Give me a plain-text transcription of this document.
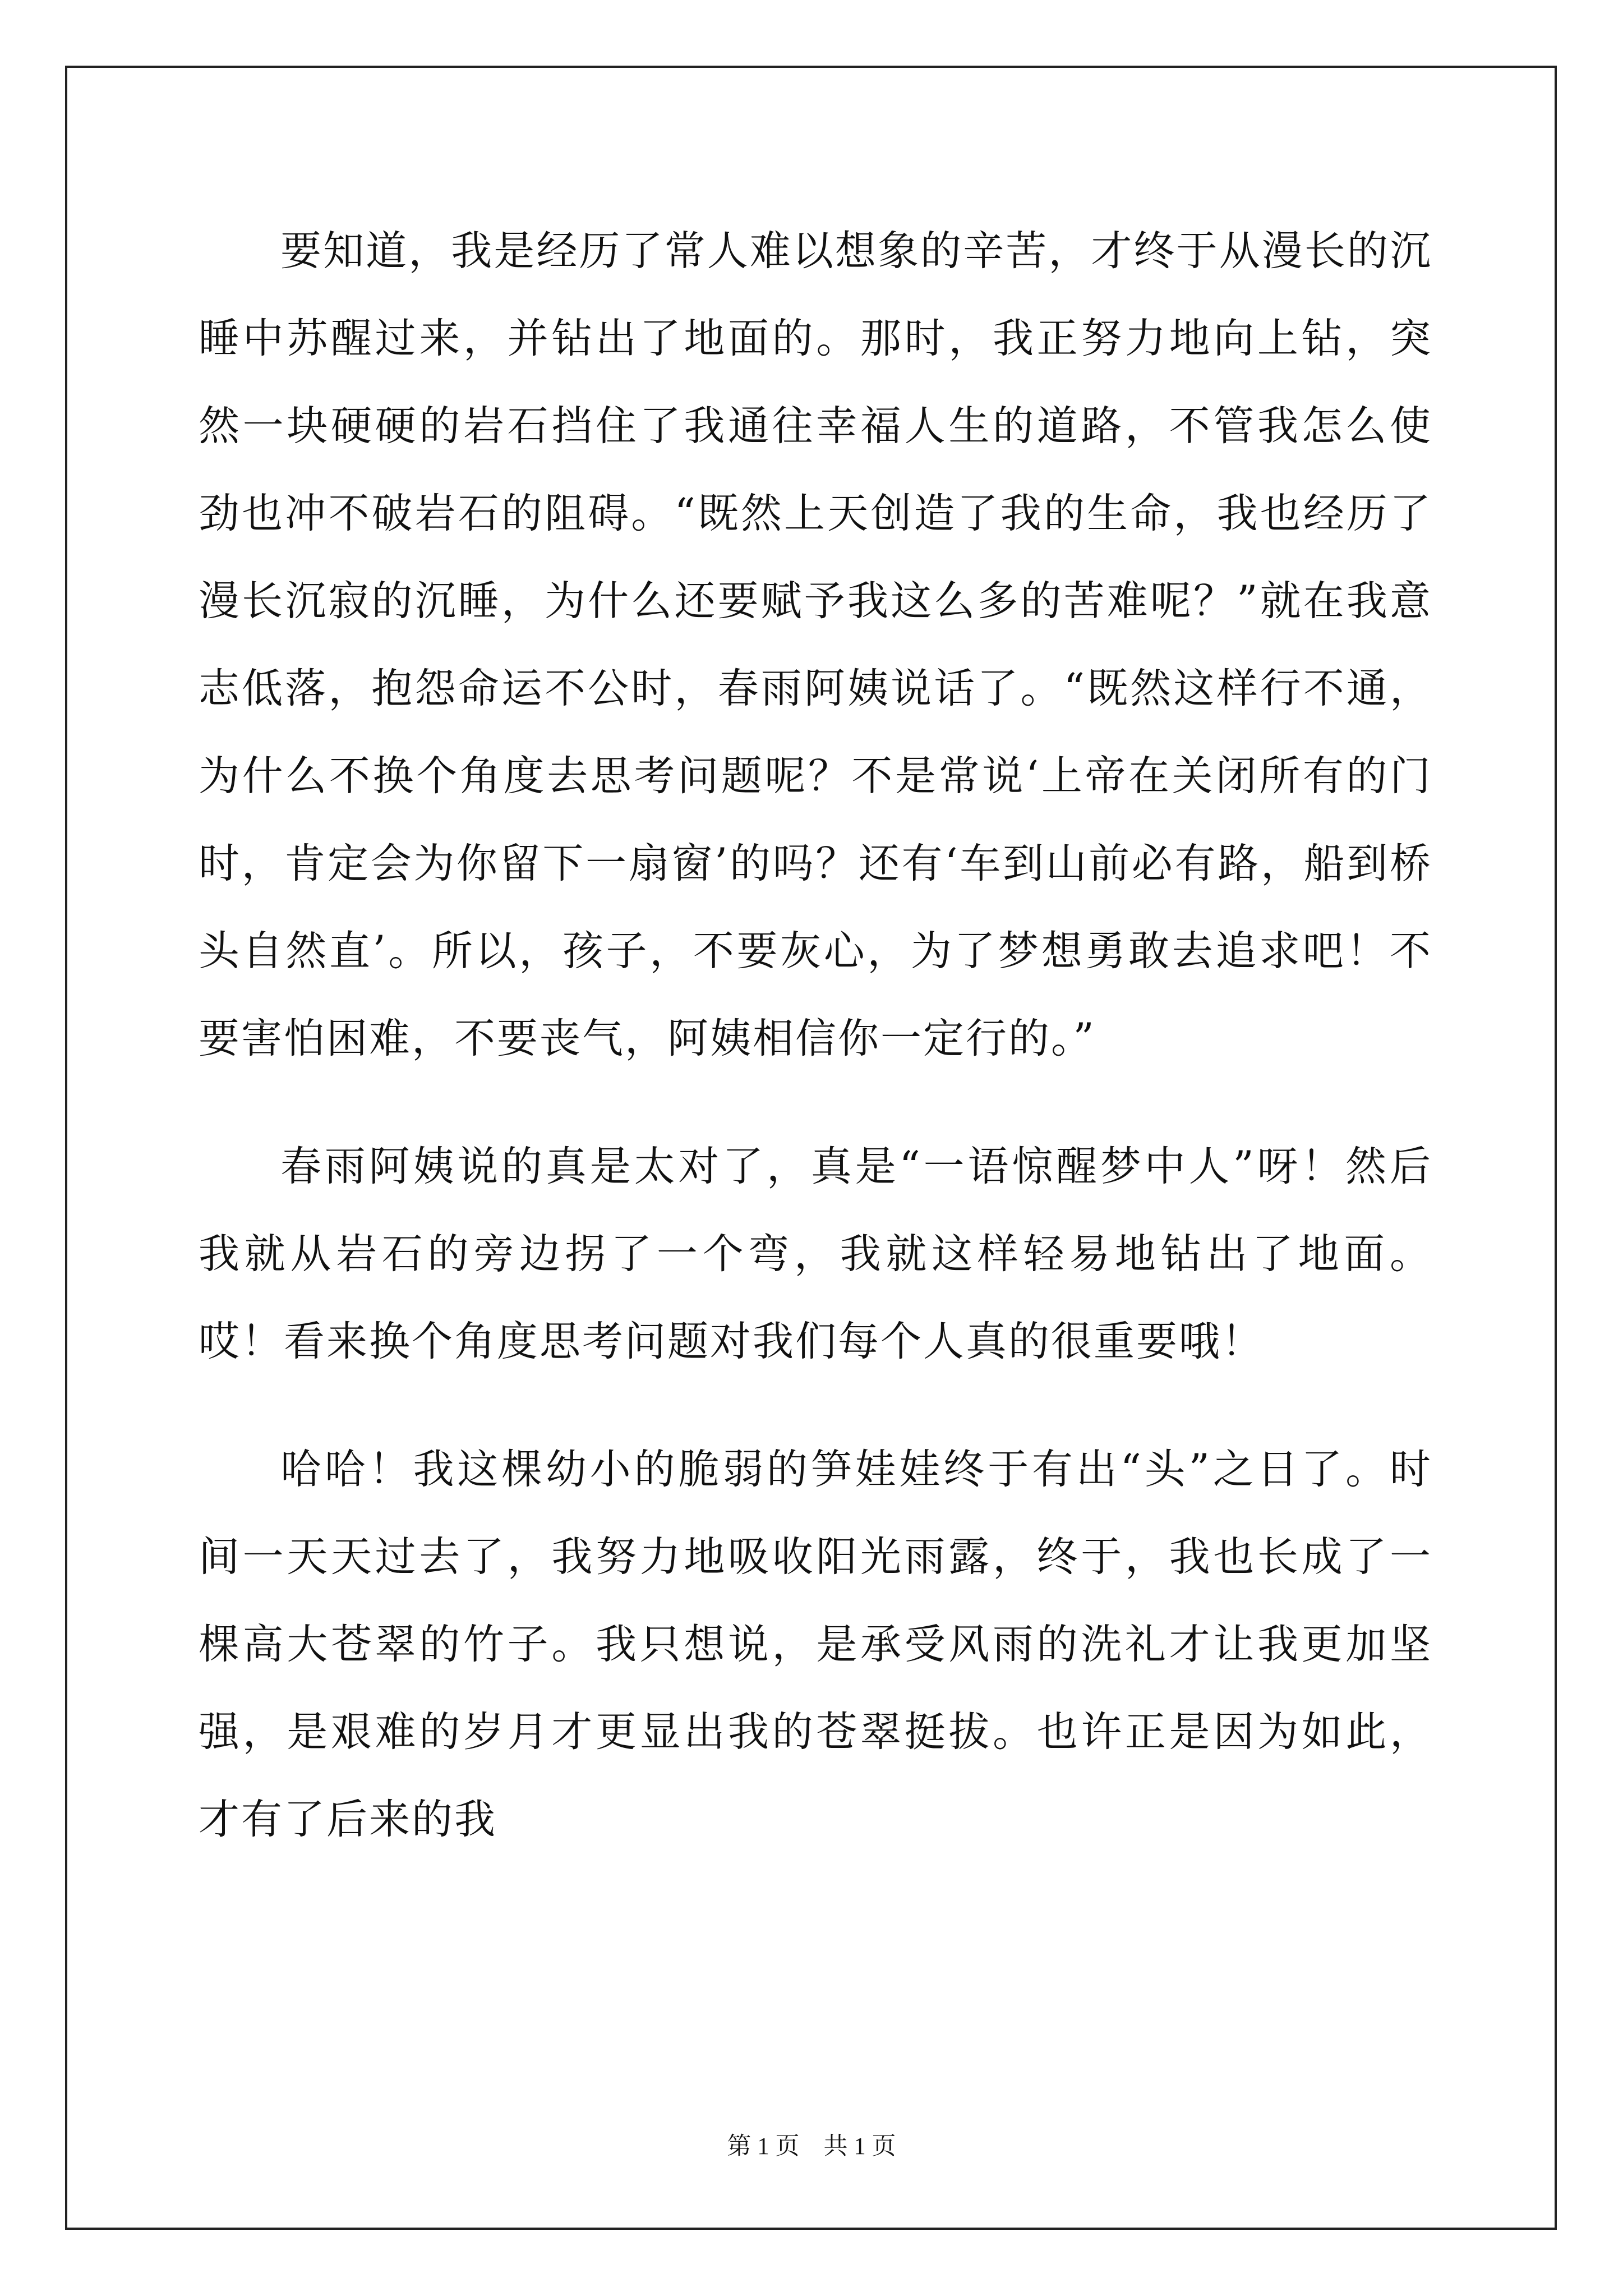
要知道，我是经历了常人难以想象的辛苦，才终于从漫长的沉睡中苏醒过来，并钻出了地面的。那时，我正努力地向上钻，突然一块硬硬的岩石挡住了我通往幸福人生的道路，不管我怎么使劲也冲不破岩石的阻碍。“既然上天创造了我的生命，我也经历了漫长沉寂的沉睡，为什么还要赋予我这么多的苦难呢？”就在我意志低落，抱怨命运不公时，春雨阿姨说话了。“既然这样行不通，为什么不换个角度去思考问题呢？不是常说‘上帝在关闭所有的门时，肯定会为你留下一扇窗’的吗？还有‘车到山前必有路，船到桥头自然直’。所以，孩子，不要灰心，为了梦想勇敢去追求吧！不要害怕困难，不要丧气，阿姨相信你一定行的。”

春雨阿姨说的真是太对了，真是“一语惊醒梦中人”呀！然后我就从岩石的旁边拐了一个弯，我就这样轻易地钻出了地面。哎！看来换个角度思考问题对我们每个人真的很重要哦！

哈哈！我这棵幼小的脆弱的笋娃娃终于有出“头”之日了。时间一天天过去了，我努力地吸收阳光雨露，终于，我也长成了一棵高大苍翠的竹子。我只想说，是承受风雨的洗礼才让我更加坚强，是艰难的岁月才更显出我的苍翠挺拔。也许正是因为如此，才有了后来的我

第 1 页    共 1 页
